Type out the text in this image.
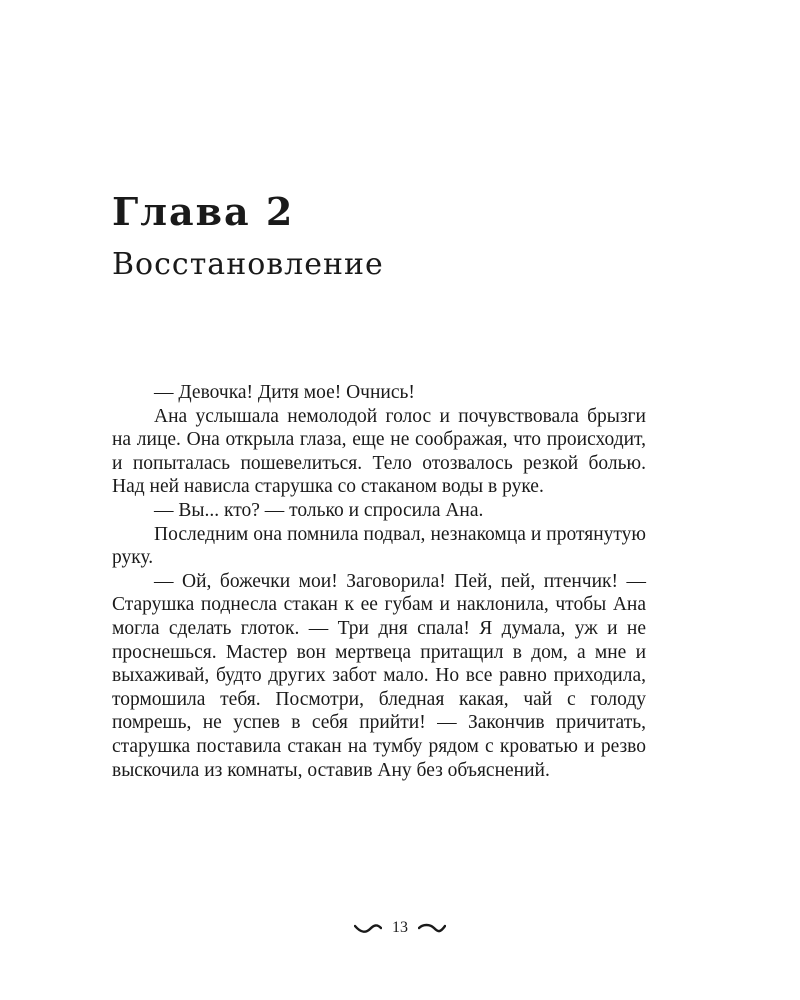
Глава 2
Восстановление

— Девочка! Дитя мое! Очнись!

Ана услышала немолодой голос и почувствовала брызги на лице. Она открыла глаза, еще не соображая, что происходит, и попыталась пошевелиться. Тело отозвалось резкой болью. Над ней нависла старушка со стаканом воды в руке.

— Вы... кто? — только и спросила Ана.

Последним она помнила подвал, незнакомца и протянутую руку.

— Ой, божечки мои! Заговорила! Пей, пей, птенчик! — Старушка поднесла стакан к ее губам и наклонила, чтобы Ана могла сделать глоток. — Три дня спала! Я думала, уж и не проснешься. Мастер вон мертвеца притащил в дом, а мне и выхаживай, будто других забот мало. Но все равно приходила, тормошила тебя. Посмотри, бледная какая, чай с голоду помрешь, не успев в себя прийти! — Закончив причитать, старушка поставила стакан на тумбу рядом с кроватью и резво выскочила из комнаты, оставив Ану без объяснений.

13
